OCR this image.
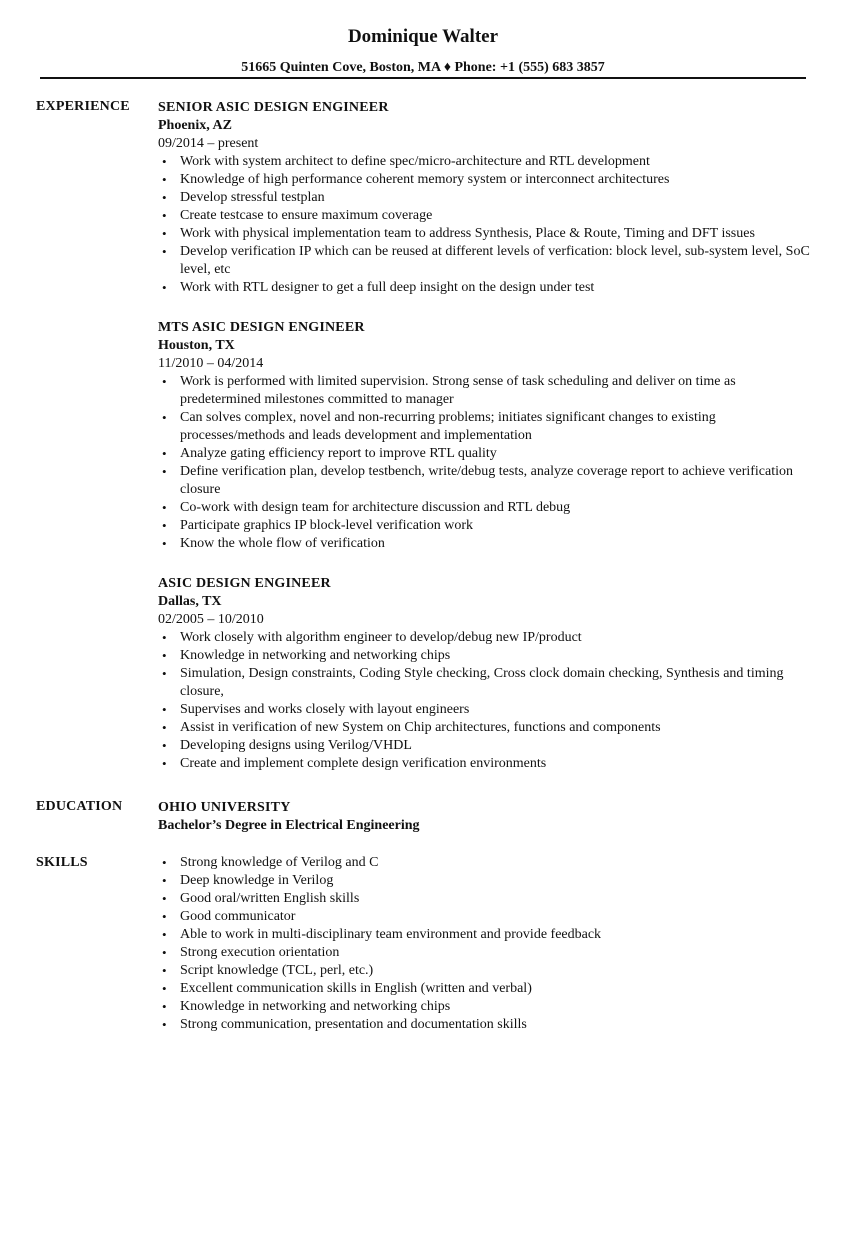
Dominique Walter
51665 Quinten Cove, Boston, MA ♦ Phone: +1 (555) 683 3857
EXPERIENCE SENIOR ASIC DESIGN ENGINEER
Phoenix, AZ
09/2014 – present
• Work with system architect to define spec/micro-architecture and RTL development
• Knowledge of high performance coherent memory system or interconnect architectures
• Develop stressful testplan
• Create testcase to ensure maximum coverage
• Work with physical implementation team to address Synthesis, Place & Route, Timing and DFT issues
• Develop verification IP which can be reused at different levels of verfication: block level, sub-system level, SoC level, etc
• Work with RTL designer to get a full deep insight on the design under test
MTS ASIC DESIGN ENGINEER
Houston, TX
11/2010 – 04/2014
• Work is performed with limited supervision. Strong sense of task scheduling and deliver on time as predetermined milestones committed to manager
• Can solves complex, novel and non-recurring problems; initiates significant changes to existing processes/methods and leads development and implementation
• Analyze gating efficiency report to improve RTL quality
• Define verification plan, develop testbench, write/debug tests, analyze coverage report to achieve verification closure
• Co-work with design team for architecture discussion and RTL debug
• Participate graphics IP block-level verification work
• Know the whole flow of verification
ASIC DESIGN ENGINEER
Dallas, TX
02/2005 – 10/2010
• Work closely with algorithm engineer to develop/debug new IP/product
• Knowledge in networking and networking chips
• Simulation, Design constraints, Coding Style checking, Cross clock domain checking, Synthesis and timing closure,
• Supervises and works closely with layout engineers
• Assist in verification of new System on Chip architectures, functions and components
• Developing designs using Verilog/VHDL
• Create and implement complete design verification environments
EDUCATION	OHIO UNIVERSITY
Bachelor’s Degree in Electrical Engineering
SKILLS
•	Strong knowledge of Verilog and C
• Deep knowledge in Verilog
• Good oral/written English skills
• Good communicator
• Able to work in multi-disciplinary team environment and provide feedback
• Strong execution orientation
• Script knowledge (TCL, perl, etc.)
• Excellent communication skills in English (written and verbal)
• Knowledge in networking and networking chips
• Strong communication, presentation and documentation skills
